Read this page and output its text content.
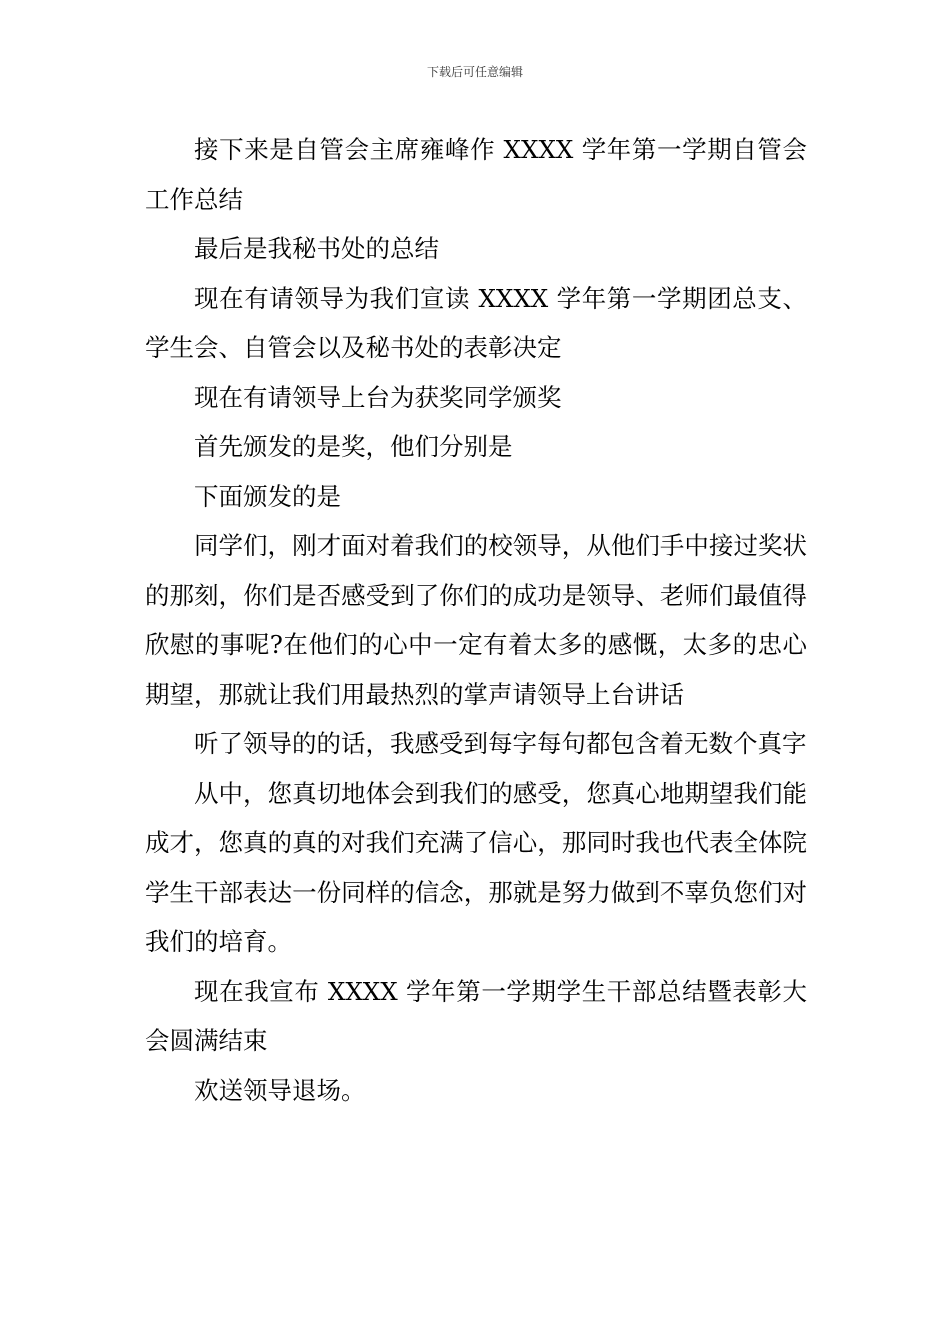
下载后可任意编辑

接下来是自管会主席雍峰作 XXXX 学年第一学期自管会工作总结

最后是我秘书处的总结

现在有请领导为我们宣读 XXXX 学年第一学期团总支、学生会、自管会以及秘书处的表彰决定

现在有请领导上台为获奖同学颁奖

首先颁发的是奖，他们分别是

下面颁发的是

同学们，刚才面对着我们的校领导，从他们手中接过奖状的那刻，你们是否感受到了你们的成功是领导、老师们最值得欣慰的事呢?在他们的心中一定有着太多的感慨，太多的忠心期望，那就让我们用最热烈的掌声请领导上台讲话

听了领导的的话，我感受到每字每句都包含着无数个真字

从中，您真切地体会到我们的感受，您真心地期望我们能成才，您真的真的对我们充满了信心，那同时我也代表全体院学生干部表达一份同样的信念，那就是努力做到不辜负您们对我们的培育。

现在我宣布 XXXX 学年第一学期学生干部总结暨表彰大会圆满结束

欢送领导退场。
